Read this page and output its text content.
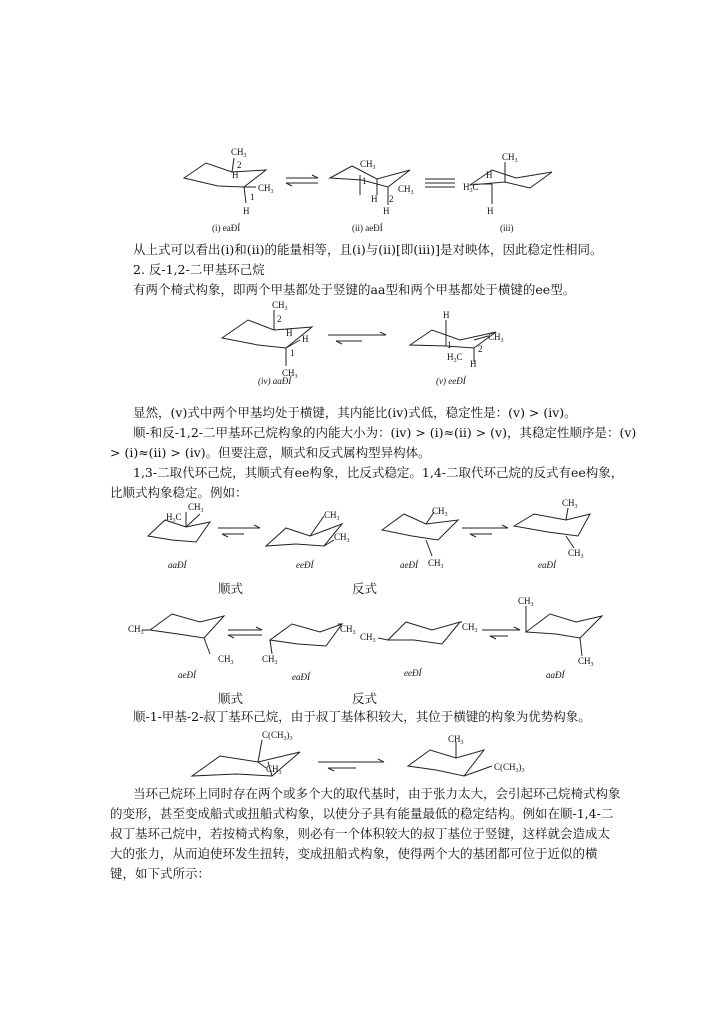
$CH_3$
H
2
$CH_3$
1
H
(i) eaÐÍ
$CH_3$
1
H 2
$CH_3$
H
(ii) aeÐÍ
$CH_3$
H
$H_3C$
H
(iii)
$CH_3$
2
H
H
1
$CH_3$
(iv) aaÐÍ
H
$CH_3$
1	2
$H_3C$
H
(v) eeÐÍ
$CH_3$
$H_3C$
aaÐÍ
$CH_3$
$CH_3$
eeÐÍ
$CH_3$
$CH_3$
aeÐÍ
$CH_3$
$CH_3$
eaÐÍ
$CH_3$
$CH_3$
aeÐÍ
$CH_3$
$CH_3$
eaÐÍ
$CH_3$
$CH_3$
eeÐÍ
$CH_3$
$CH_3$
aaÐÍ
$C(CH_3)_3$
$CH_3$
$CH_3$
$C(CH_3)_3$
从上式可以看出(i)和(ii)的能量相等，且(i)与(ii)[即(iii)]是对映体，因此稳定性相同。
2. 反-1,2-二甲基环己烷
有两个椅式构象，即两个甲基都处于竖键的aa型和两个甲基都处于横键的ee型。
显然，(v)式中两个甲基均处于横键，其内能比(iv)式低，稳定性是：(v) > (iv)。
顺-和反-1,2-二甲基环己烷构象的内能大小为：(iv) > (i)≈(ii) > (v)，其稳定性顺序是：(v)
> (i)≈(ii) > (iv)。但要注意，顺式和反式属构型异构体。
1,3-二取代环己烷，其顺式有ee构象，比反式稳定。1,4-二取代环己烷的反式有ee构象，
比顺式构象稳定。例如：
顺式	反式
顺式	反式
顺-1-甲基-2-叔丁基环己烷，由于叔丁基体积较大，其位于横键的构象为优势构象。
当环己烷环上同时存在两个或多个大的取代基时，由于张力太大，会引起环己烷椅式构象的变形，甚至变成船式或扭船式构象，以使分子具有能量最低的稳定结构。例如在顺-1,4-二叔丁基环己烷中，若按椅式构象，则必有一个体积较大的叔丁基位于竖键，这样就会造成太大的张力，从而迫使环发生扭转，变成扭船式构象，使得两个大的基团都可位于近似的横键，如下式所示：
